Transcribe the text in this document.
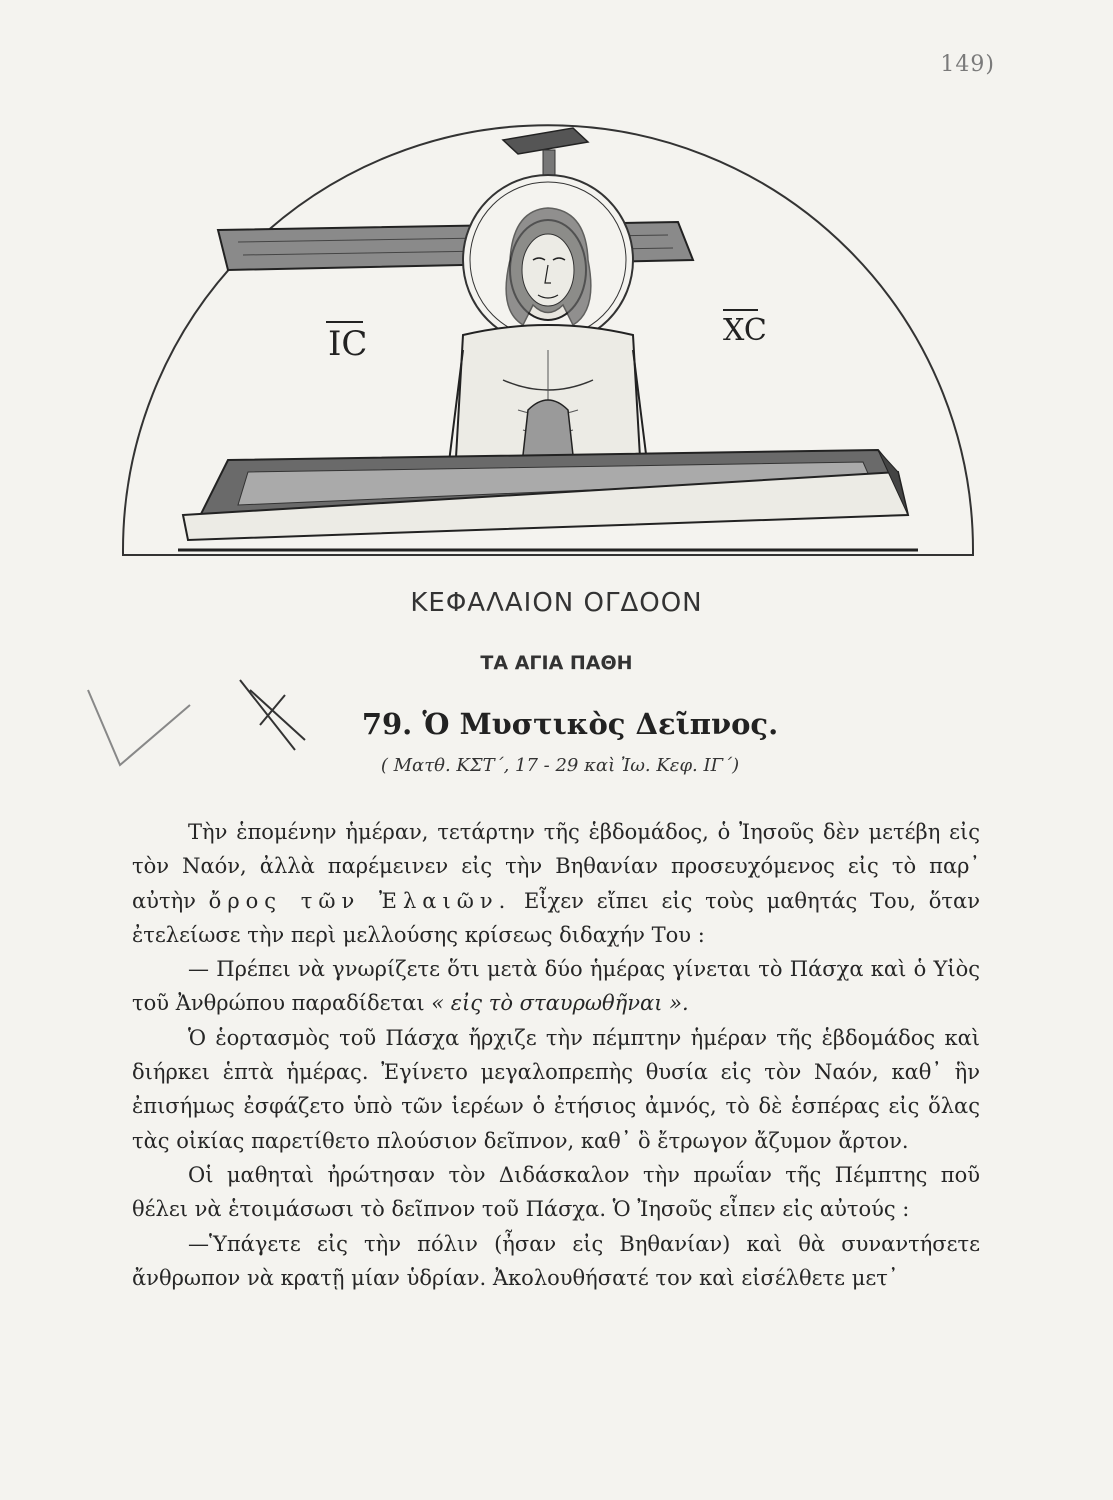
149)
IC	XC
ΚΕΦΑΛΑΙΟΝ ΟΓΔΟΟΝ
ΤΑ ΑΓΙΑ ΠΑΘΗ
79. Ὁ Μυστικὸς Δεῖπνος.
( Ματθ. ΚΣΤ΄, 17 - 29 καὶ Ἰω. Κεφ. ΙΓ΄)

Τὴν ἑπομένην ἡμέραν, τετάρτην τῆς ἑβδομάδος, ὁ Ἰησοῦς δὲν μετέβη εἰς τὸν Ναόν, ἀλλὰ παρέμεινεν εἰς τὴν Βηθανίαν προσευχόμενος εἰς τὸ παρ᾽ αὐτὴν ὄρος τῶν Ἐλαιῶν. Εἶχεν εἴπει εἰς τοὺς μαθητάς Του, ὅταν ἐτελείωσε τὴν περὶ μελλούσης κρίσεως διδαχήν Του :

— Πρέπει νὰ γνωρίζετε ὅτι μετὰ δύο ἡμέρας γίνεται τὸ Πάσχα καὶ ὁ Υἱὸς τοῦ Ἀνθρώπου παραδίδεται « εἰς τὸ σταυρωθῆναι ».

Ὁ ἑορτασμὸς τοῦ Πάσχα ἤρχιζε τὴν πέμπτην ἡμέραν τῆς ἑβδομάδος καὶ διήρκει ἑπτὰ ἡμέρας. Ἐγίνετο μεγαλοπρεπὴς θυσία εἰς τὸν Ναόν, καθ᾽ ἣν ἐπισήμως ἐσφάζετο ὑπὸ τῶν ἱερέων ὁ ἐτήσιος ἀμνός, τὸ δὲ ἑσπέρας εἰς ὅλας τὰς οἰκίας παρετίθετο πλούσιον δεῖπνον, καθ᾽ ὃ ἔτρωγον ἄζυμον ἄρτον.

Οἱ μαθηταὶ ἠρώτησαν τὸν Διδάσκαλον τὴν πρωΐαν τῆς Πέμπτης ποῦ θέλει νὰ ἑτοιμάσωσι τὸ δεῖπνον τοῦ Πάσχα. Ὁ Ἰησοῦς εἶπεν εἰς αὐτούς :

—Ὑπάγετε εἰς τὴν πόλιν (ἦσαν εἰς Βηθανίαν) καὶ θὰ συναντήσετε ἄνθρωπον νὰ κρατῇ μίαν ὑδρίαν. Ἀκολουθήσατέ τον καὶ εἰσέλθετε μετ᾽
